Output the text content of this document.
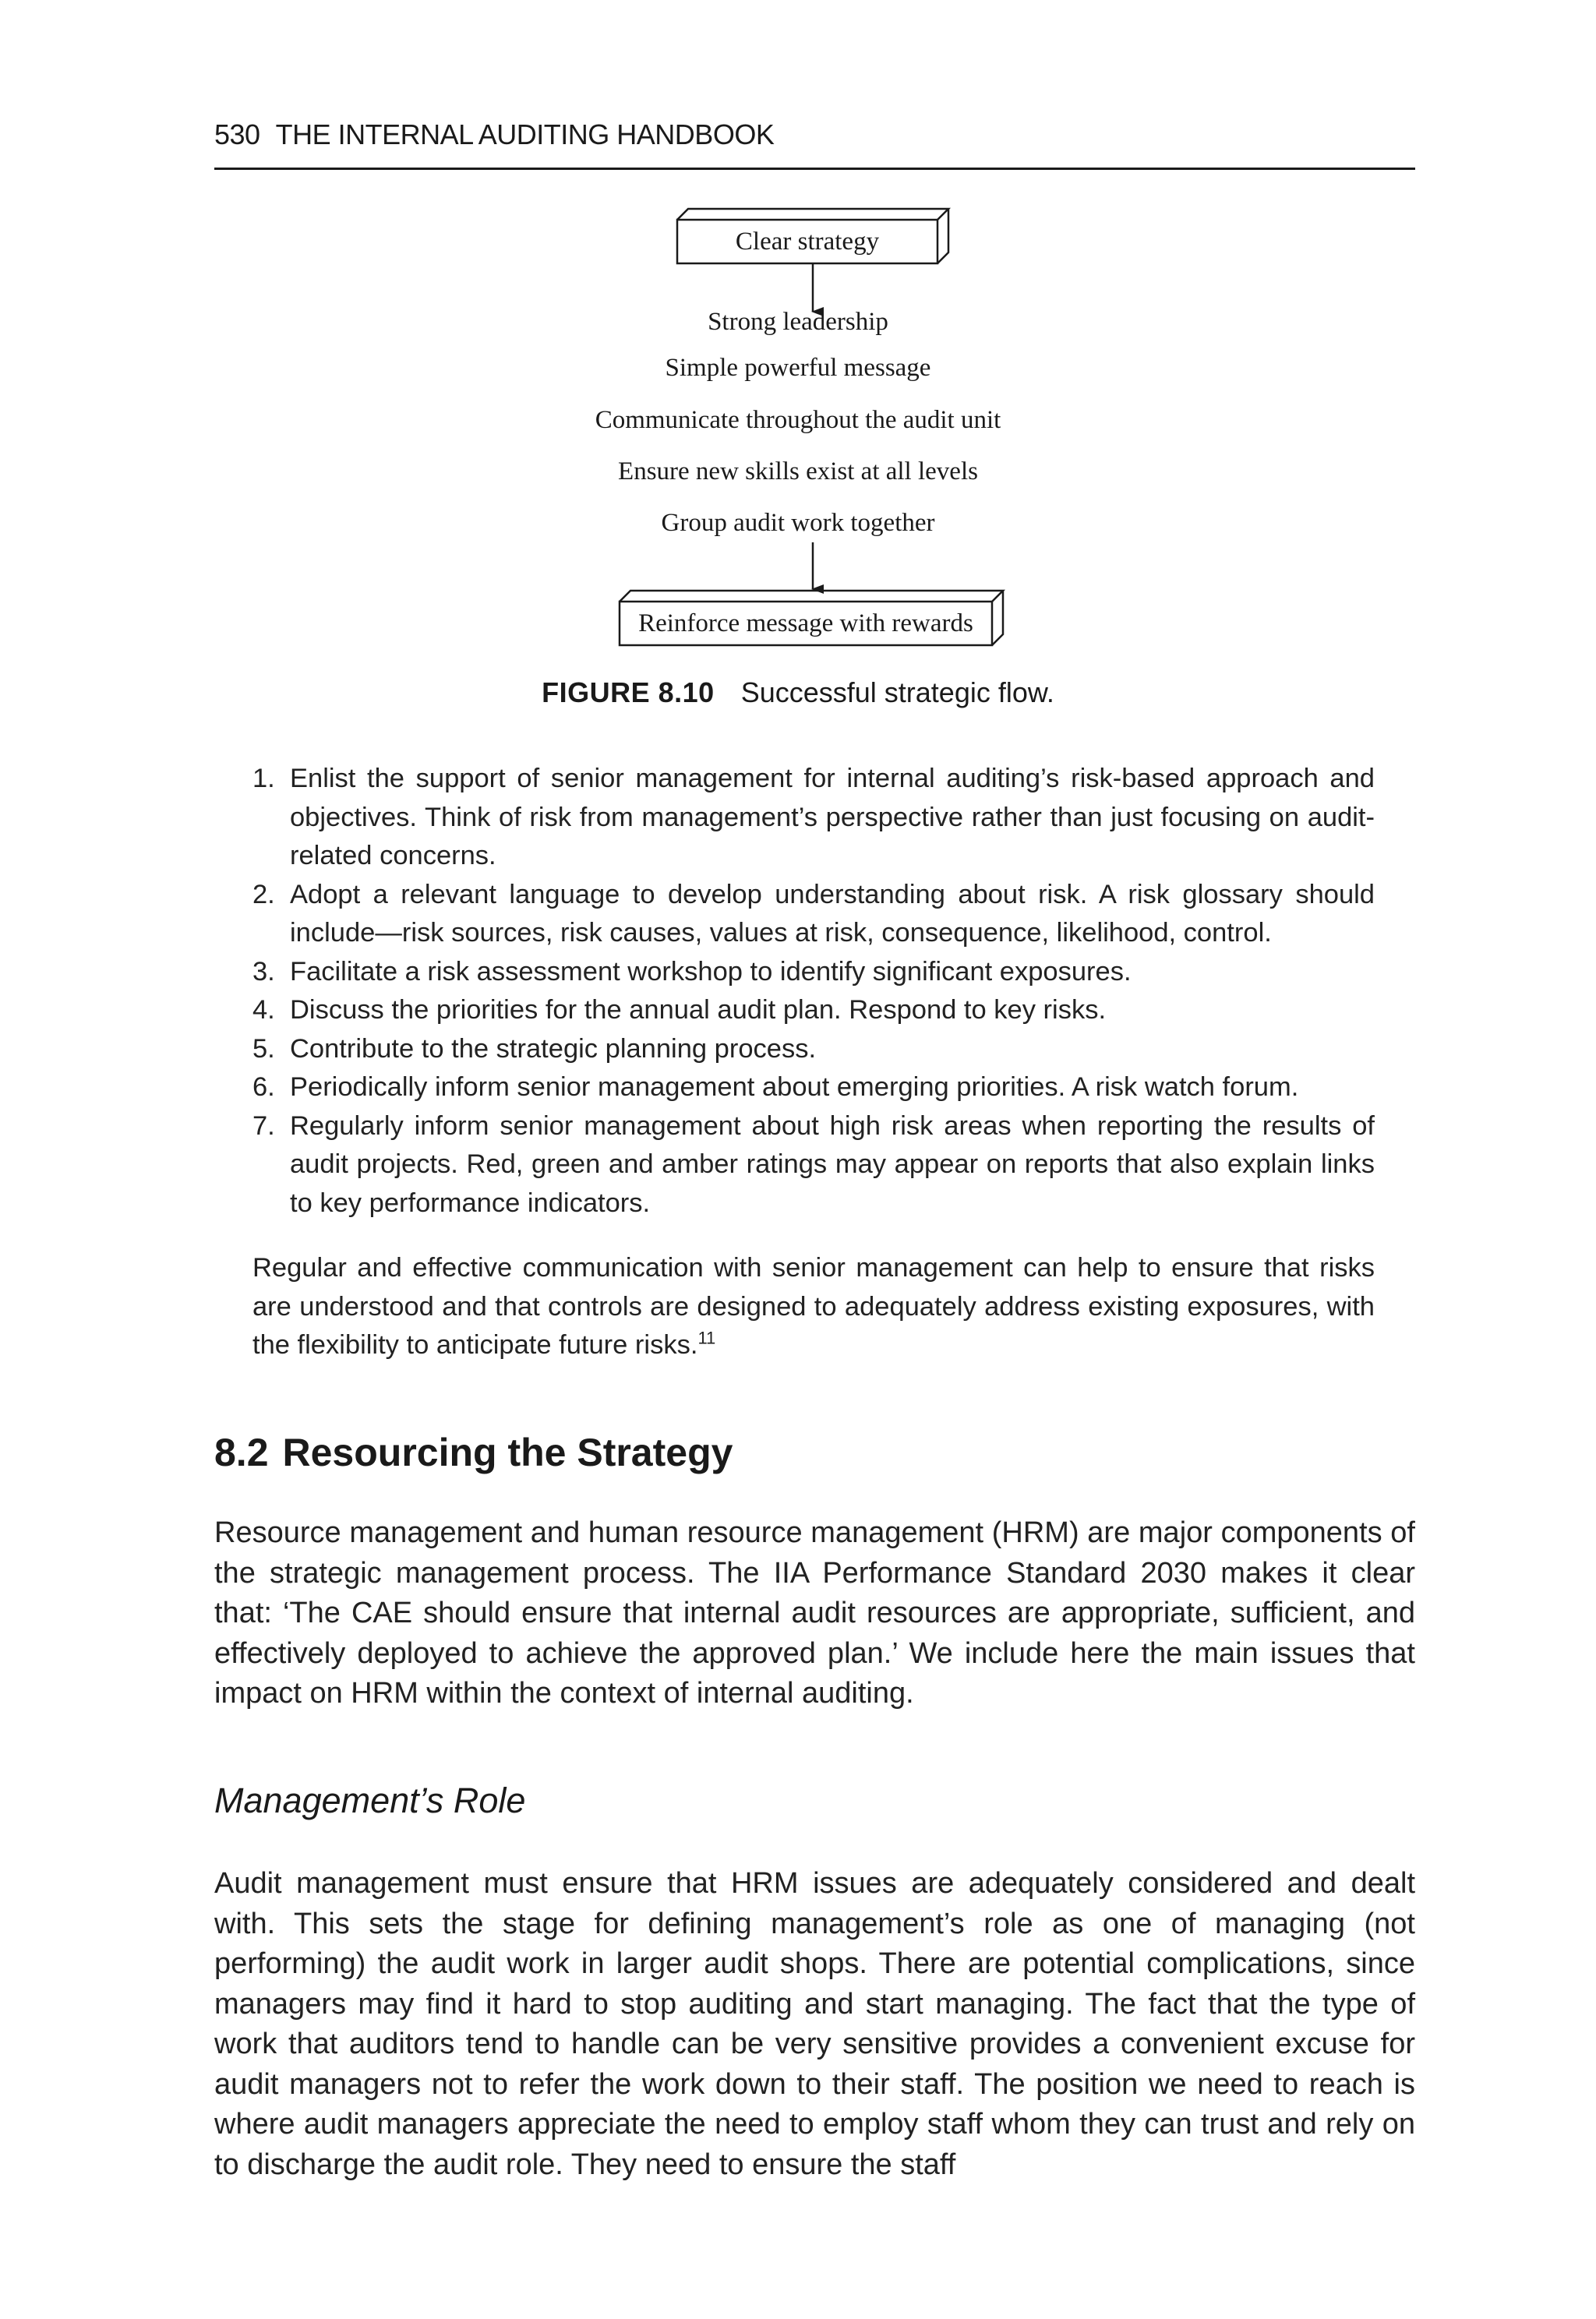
530 THE INTERNAL AUDITING HANDBOOK
Clear strategy
Strong leadership
Simple powerful message
Communicate throughout the audit unit
Ensure new skills exist at all levels
Group audit work together
Reinforce message with rewards
FIGURE 8.10 Successful strategic flow.
1. Enlist the support of senior management for internal auditing’s risk-based approach and objectives. Think of risk from management’s perspective rather than just focusing on audit-related concerns.
2. Adopt a relevant language to develop understanding about risk. A risk glossary should include—risk sources, risk causes, values at risk, consequence, likelihood, control.
3. Facilitate a risk assessment workshop to identify significant exposures.
4. Discuss the priorities for the annual audit plan. Respond to key risks.
5. Contribute to the strategic planning process.
6. Periodically inform senior management about emerging priorities. A risk watch forum.
7. Regularly inform senior management about high risk areas when reporting the results of audit projects. Red, green and amber ratings may appear on reports that also explain links to key performance indicators.
Regular and effective communication with senior management can help to ensure that risks are understood and that controls are designed to adequately address existing exposures, with the flexibility to anticipate future risks.$^{11}$
8.2 Resourcing the Strategy
Resource management and human resource management (HRM) are major components of the strategic management process. The IIA Performance Standard 2030 makes it clear that: ‘The CAE should ensure that internal audit resources are appropriate, sufficient, and effectively deployed to achieve the approved plan.’ We include here the main issues that impact on HRM within the context of internal auditing.
Management’s Role
Audit management must ensure that HRM issues are adequately considered and dealt with. This sets the stage for defining management’s role as one of managing (not performing) the audit work in larger audit shops. There are potential complications, since managers may find it hard to stop auditing and start managing. The fact that the type of work that auditors tend to handle can be very sensitive provides a convenient excuse for audit managers not to refer the work down to their staff. The position we need to reach is where audit managers appreciate the need to employ staff whom they can trust and rely on to discharge the audit role. They need to ensure the staff
